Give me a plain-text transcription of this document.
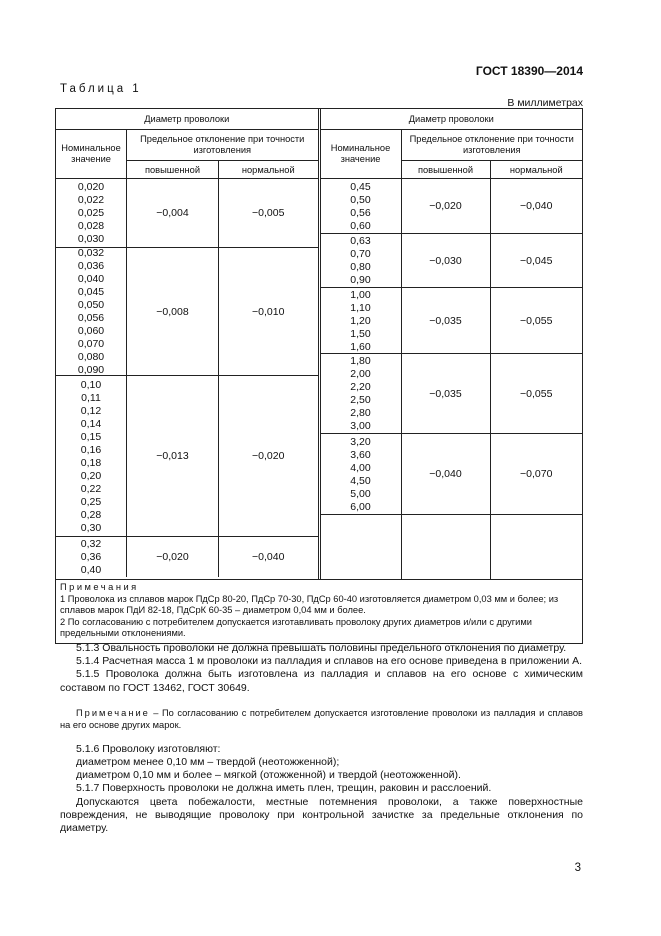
ГОСТ 18390—2014
Таблица 1
В миллиметрах
Диаметр проволоки
Номинальное значение
Предельное отклонение при точности изготовления
повышенной	нормальной
0,020
0,022
0,025
0,028
0,030
−0,004	−0,005
0,032
0,036
0,040
0,045
0,050
0,056
0,060
0,070
0,080
0,090
−0,008	−0,010
0,10
0,11
0,12
0,14
0,15
0,16
0,18
0,20
0,22
0,25
0,28
0,30
−0,013	−0,020
0,32
0,36
0,40
−0,020	−0,040
Диаметр проволоки
Номинальное значение
Предельное отклонение при точности изготовления
повышенной	нормальной
0,45
0,50
0,56
0,60
−0,020	−0,040
0,63
0,70
0,80
0,90
−0,030	−0,045
1,00
1,10
1,20
1,50
1,60
−0,035	−0,055
1,80
2,00
2,20
2,50
2,80
3,00
−0,035	−0,055
3,20
3,60
4,00
4,50
5,00
6,00
−0,040	−0,070
Примечания
1 Проволока из сплавов марок ПдСр 80-20, ПдСр 70-30, ПдСр 60-40 изготовляется диаметром 0,03 мм и более; из сплавов марок ПдИ 82-18, ПдСрК 60-35 – диаметром 0,04 мм и более.
2 По согласованию с потребителем допускается изготавливать проволоку других диаметров и/или с другими предельными отклонениями.

5.1.3 Овальность проволоки не должна превышать половины предельного отклонения по диаметру.

5.1.4 Расчетная масса 1 м проволоки из палладия и сплавов на его основе приведена в приложении А.

5.1.5 Проволока должна быть изготовлена из палладия и сплавов на его основе с химическим составом по ГОСТ 13462, ГОСТ 30649.

Примечание – По согласованию с потребителем допускается изготовление проволоки из палладия и сплавов на его основе других марок.

5.1.6 Проволоку изготовляют:

диаметром менее 0,10 мм – твердой (неотожженной);

диаметром 0,10 мм и более – мягкой (отожженной) и твердой (неотожженной).

5.1.7 Поверхность проволоки не должна иметь плен, трещин, раковин и расслоений.

Допускаются цвета побежалости, местные потемнения проволоки, а также поверхностные повреждения, не выводящие проволоку при контрольной зачистке за предельные отклонения по диаметру.

3
